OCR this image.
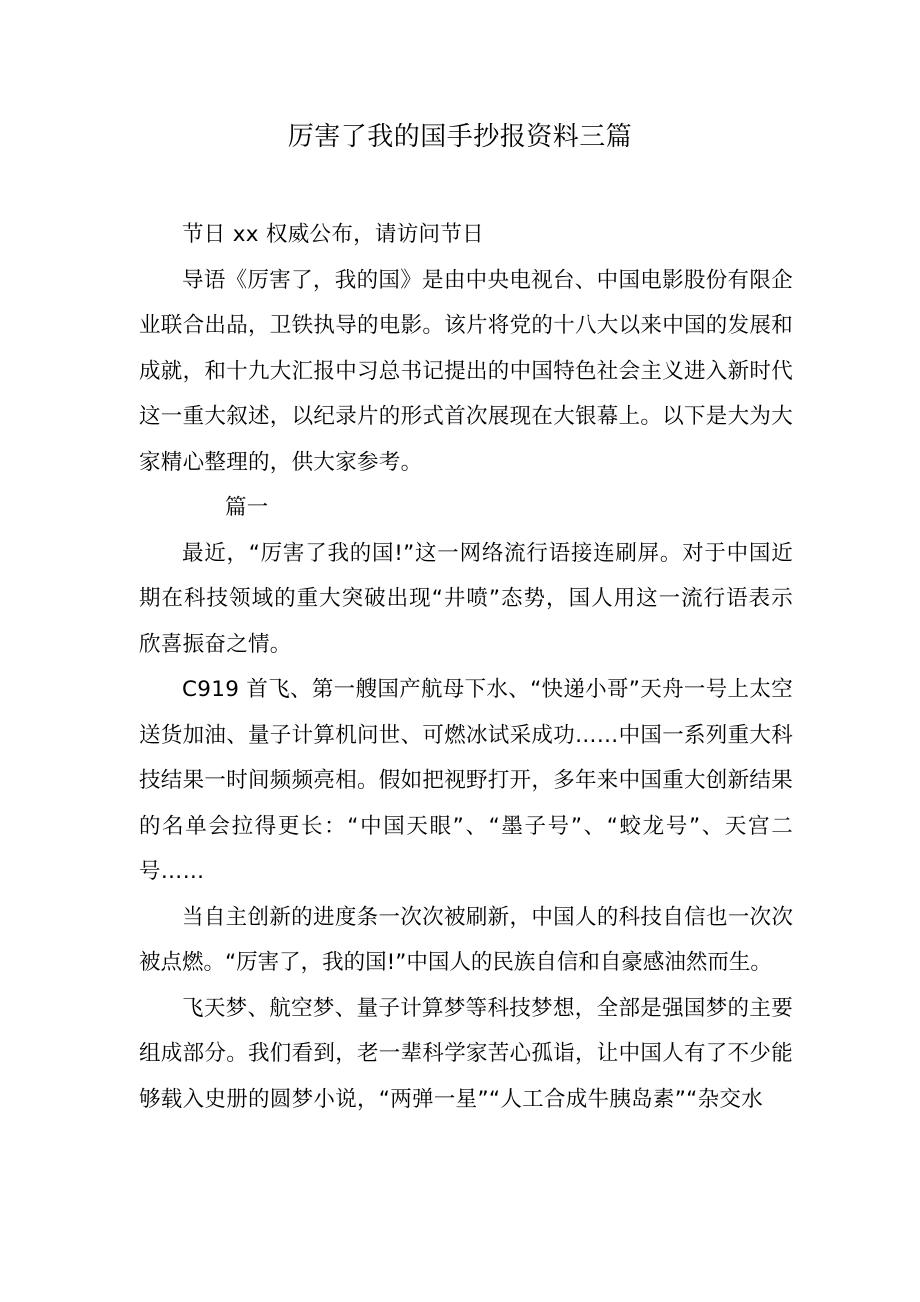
厉害了我的国手抄报资料三篇

节日 xx 权威公布，请访问节日

导语《厉害了，我的国》是由中央电视台、中国电影股份有限企业联合出品，卫铁执导的电影。该片将党的十八大以来中国的发展和成就，和十九大汇报中习总书记提出的中国特色社会主义进入新时代这一重大叙述，以纪录片的形式首次展现在大银幕上。以下是大为大家精心整理的，供大家参考。

篇一

最近，“厉害了我的国!”这一网络流行语接连刷屏。对于中国近期在科技领域的重大突破出现“井喷”态势，国人用这一流行语表示欣喜振奋之情。

C919 首飞、第一艘国产航母下水、“快递小哥”天舟一号上太空送货加油、量子计算机问世、可燃冰试采成功……中国一系列重大科技结果一时间频频亮相。假如把视野打开，多年来中国重大创新结果的名单会拉得更长：“中国天眼”、“墨子号”、“蛟龙号”、天宫二号……

当自主创新的进度条一次次被刷新，中国人的科技自信也一次次被点燃。“厉害了，我的国!”中国人的民族自信和自豪感油然而生。

飞天梦、航空梦、量子计算梦等科技梦想，全部是强国梦的主要组成部分。我们看到，老一辈科学家苦心孤诣，让中国人有了不少能够载入史册的圆梦小说，“两弹一星”“人工合成牛胰岛素”“杂交水
